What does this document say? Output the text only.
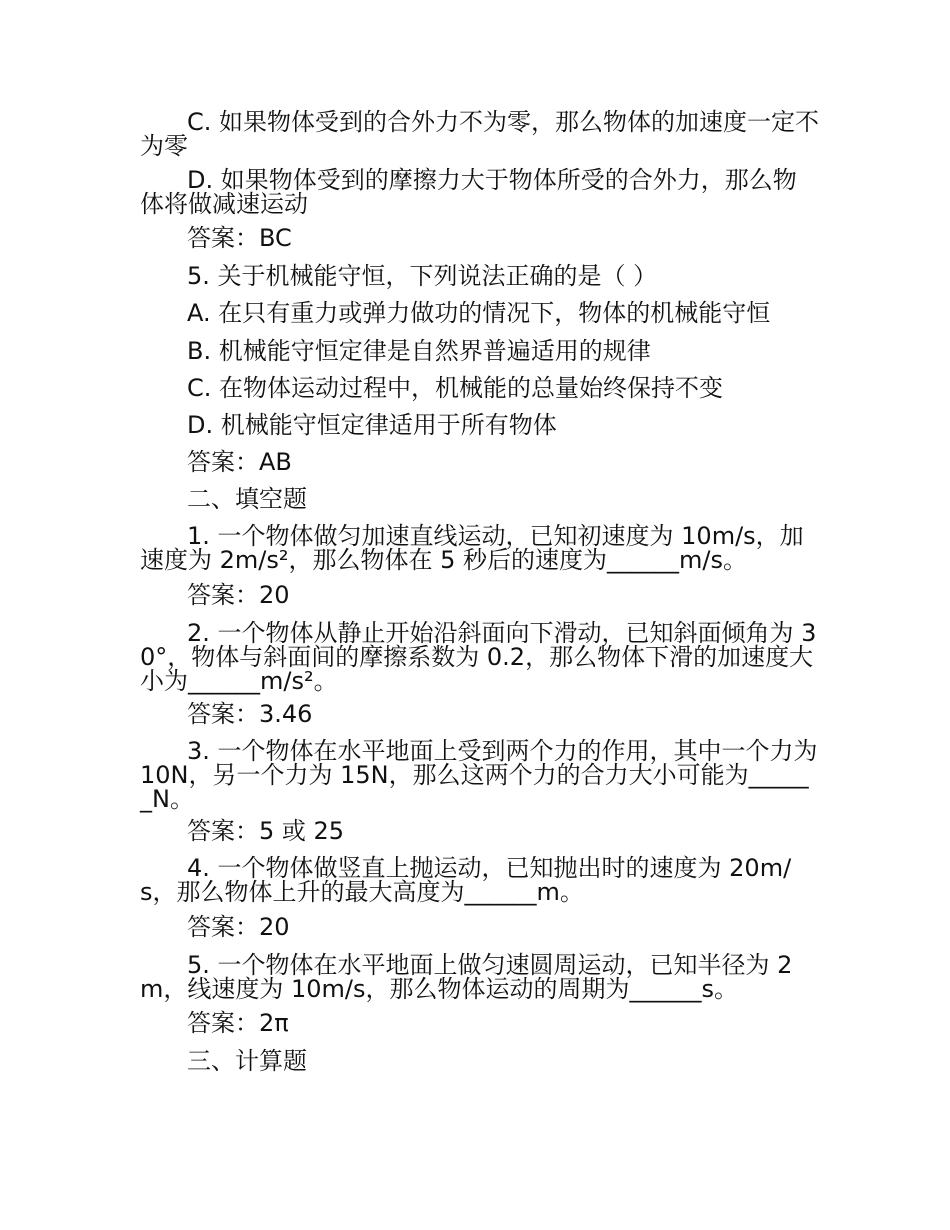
C. 如果物体受到的合外力不为零，那么物体的加速度一定不为零
D. 如果物体受到的摩擦力大于物体所受的合外力，那么物体将做减速运动
答案：BC
5. 关于机械能守恒，下列说法正确的是（ ）
A. 在只有重力或弹力做功的情况下，物体的机械能守恒
B. 机械能守恒定律是自然界普遍适用的规律
C. 在物体运动过程中，机械能的总量始终保持不变
D. 机械能守恒定律适用于所有物体
答案：AB
二、填空题
1. 一个物体做匀加速直线运动，已知初速度为 10m/s，加速度为 2m/s²，那么物体在 5 秒后的速度为______m/s。
答案：20
2. 一个物体从静止开始沿斜面向下滑动，已知斜面倾角为 30°，物体与斜面间的摩擦系数为 0.2，那么物体下滑的加速度大小为______m/s²。
答案：3.46
3. 一个物体在水平地面上受到两个力的作用，其中一个力为 10N，另一个力为 15N，那么这两个力的合力大小可能为______N。
答案：5 或 25
4. 一个物体做竖直上抛运动，已知抛出时的速度为 20m/s，那么物体上升的最大高度为______m。
答案：20
5. 一个物体在水平地面上做匀速圆周运动，已知半径为 2m，线速度为 10m/s，那么物体运动的周期为______s。
答案：2π
三、计算题
